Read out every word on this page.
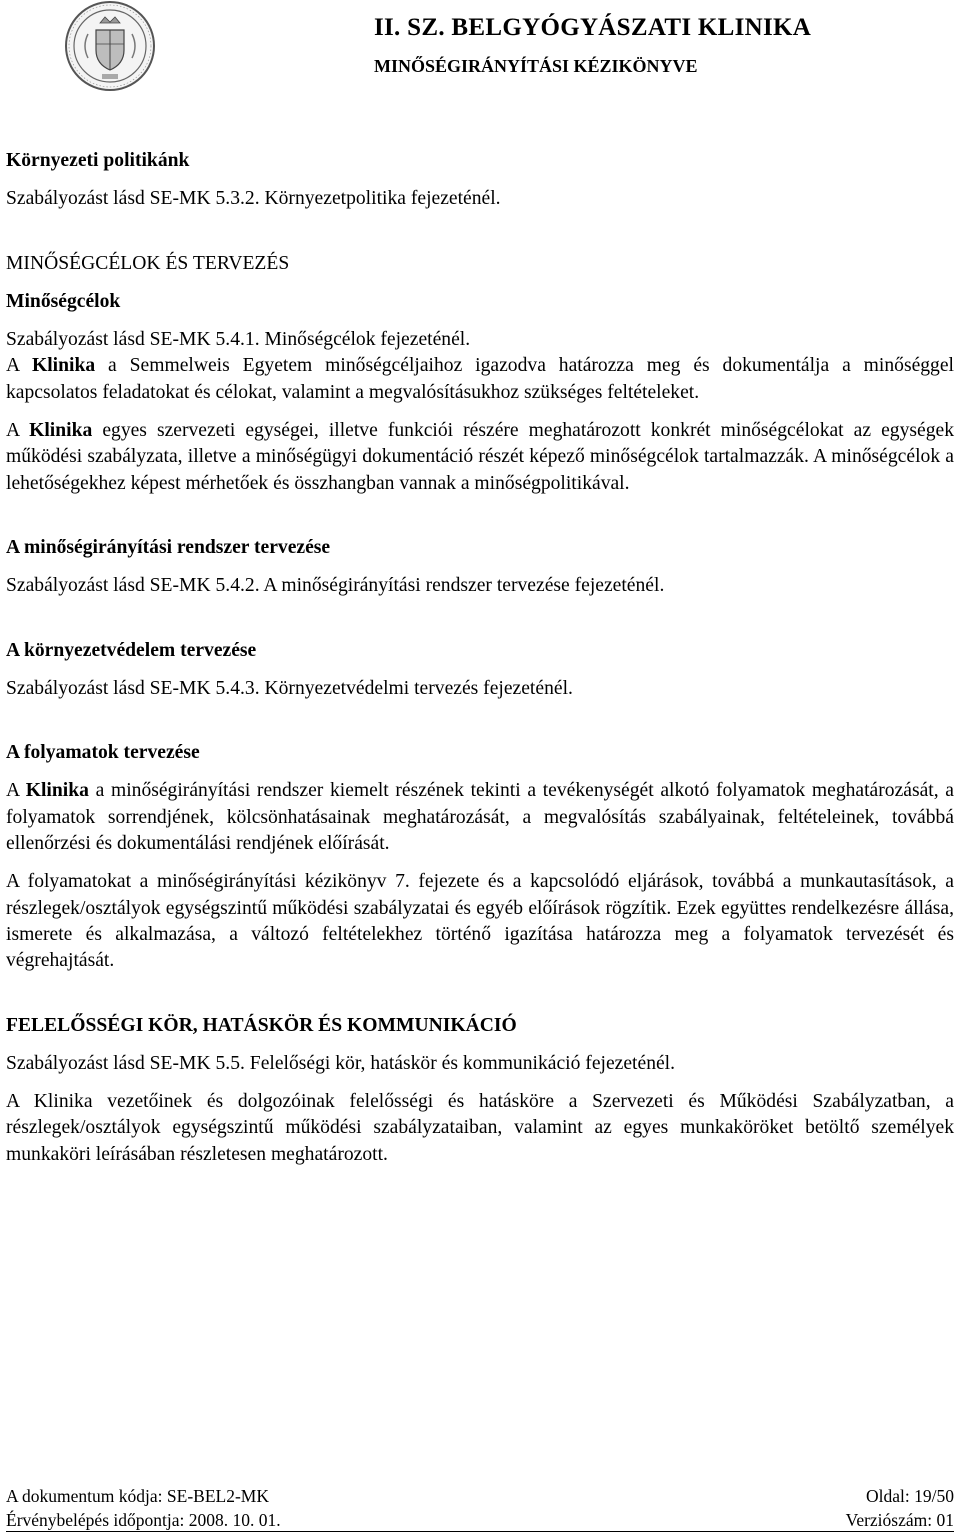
II. SZ. BELGYÓGYÁSZATI KLINIKA
MINŐSÉGIRÁNYÍTÁSI KÉZIKÖNYVE

Környezeti politikánk

Szabályozást lásd SE-MK 5.3.2. Környezetpolitika fejezeténél.

MINŐSÉGCÉLOK ÉS TERVEZÉS

Minőségcélok

Szabályozást lásd SE-MK 5.4.1. Minőségcélok fejezeténél.

A Klinika a Semmelweis Egyetem minőségcéljaihoz igazodva határozza meg és dokumentálja a minőséggel kapcsolatos feladatokat és célokat, valamint a megvalósításukhoz szükséges feltételeket.

A Klinika egyes szervezeti egységei, illetve funkciói részére meghatározott konkrét minőségcélokat az egységek működési szabályzata, illetve a minőségügyi dokumentáció részét képező minőségcélok tartalmazzák. A minőségcélok a lehetőségekhez képest mérhetőek és összhangban vannak a minőségpolitikával.

A minőségirányítási rendszer tervezése

Szabályozást lásd SE-MK 5.4.2. A minőségirányítási rendszer tervezése fejezeténél.

A környezetvédelem tervezése

Szabályozást lásd SE-MK 5.4.3. Környezetvédelmi tervezés fejezeténél.

A folyamatok tervezése

A Klinika a minőségirányítási rendszer kiemelt részének tekinti a tevékenységét alkotó folyamatok meghatározását, a folyamatok sorrendjének, kölcsönhatásainak meghatározását, a megvalósítás szabályainak, feltételeinek, továbbá ellenőrzési és dokumentálási rendjének előírását.

A folyamatokat a minőségirányítási kézikönyv 7. fejezete és a kapcsolódó eljárások, továbbá a munkautasítások, a részlegek/osztályok egységszintű működési szabályzatai és egyéb előírások rögzítik. Ezek együttes rendelkezésre állása, ismerete és alkalmazása, a változó feltételekhez történő igazítása határozza meg a folyamatok tervezését és végrehajtását.

FELELŐSSÉGI KÖR, HATÁSKÖR ÉS KOMMUNIKÁCIÓ

Szabályozást lásd SE-MK 5.5. Felelőségi kör, hatáskör és kommunikáció fejezeténél.

A Klinika vezetőinek és dolgozóinak felelősségi és hatásköre a Szervezeti és Működési Szabályzatban, a részlegek/osztályok egységszintű működési szabályzataiban, valamint az egyes munkaköröket betöltő személyek munkaköri leírásában részletesen meghatározott.

A dokumentum kódja: SE-BEL2-MK	Oldal: 19/50
Érvénybelépés időpontja: 2008. 10. 01.	Verziószám: 01
